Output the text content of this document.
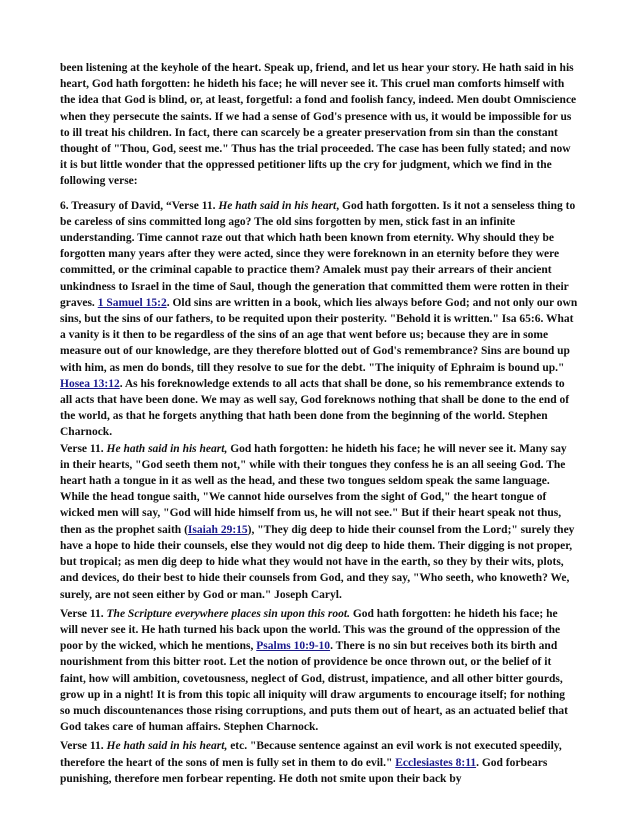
been listening at the keyhole of the heart. Speak up, friend, and let us hear your story. He hath said in his heart, God hath forgotten: he hideth his face; he will never see it. This cruel man comforts himself with the idea that God is blind, or, at least, forgetful: a fond and foolish fancy, indeed. Men doubt Omniscience when they persecute the saints. If we had a sense of God's presence with us, it would be impossible for us to ill treat his children. In fact, there can scarcely be a greater preservation from sin than the constant thought of "Thou, God, seest me." Thus has the trial proceeded. The case has been fully stated; and now it is but little wonder that the oppressed petitioner lifts up the cry for judgment, which we find in the following verse:

6. Treasury of David, “Verse 11. He hath said in his heart, God hath forgotten. Is it not a senseless thing to be careless of sins committed long ago? The old sins forgotten by men, stick fast in an infinite understanding. Time cannot raze out that which hath been known from eternity. Why should they be forgotten many years after they were acted, since they were foreknown in an eternity before they were committed, or the criminal capable to practice them? Amalek must pay their arrears of their ancient unkindness to Israel in the time of Saul, though the generation that committed them were rotten in their graves. 1 Samuel 15:2. Old sins are written in a book, which lies always before God; and not only our own sins, but the sins of our fathers, to be requited upon their posterity. "Behold it is written." Isa 65:6. What a vanity is it then to be regardless of the sins of an age that went before us; because they are in some measure out of our knowledge, are they therefore blotted out of God's remembrance? Sins are bound up with him, as men do bonds, till they resolve to sue for the debt. "The iniquity of Ephraim is bound up." Hosea 13:12. As his foreknowledge extends to all acts that shall be done, so his remembrance extends to all acts that have been done. We may as well say, God foreknows nothing that shall be done to the end of the world, as that he forgets anything that hath been done from the beginning of the world. Stephen Charnock.

Verse 11. He hath said in his heart, God hath forgotten: he hideth his face; he will never see it. Many say in their hearts, "God seeth them not," while with their tongues they confess he is an all seeing God. The heart hath a tongue in it as well as the head, and these two tongues seldom speak the same language. While the head tongue saith, "We cannot hide ourselves from the sight of God," the heart tongue of wicked men will say, "God will hide himself from us, he will not see." But if their heart speak not thus, then as the prophet saith (Isaiah 29:15), "They dig deep to hide their counsel from the Lord;" surely they have a hope to hide their counsels, else they would not dig deep to hide them. Their digging is not proper, but tropical; as men dig deep to hide what they would not have in the earth, so they by their wits, plots, and devices, do their best to hide their counsels from God, and they say, "Who seeth, who knoweth? We, surely, are not seen either by God or man." Joseph Caryl.

Verse 11. The Scripture everywhere places sin upon this root. God hath forgotten: he hideth his face; he will never see it. He hath turned his back upon the world. This was the ground of the oppression of the poor by the wicked, which he mentions, Psalms 10:9-10. There is no sin but receives both its birth and nourishment from this bitter root. Let the notion of providence be once thrown out, or the belief of it faint, how will ambition, covetousness, neglect of God, distrust, impatience, and all other bitter gourds, grow up in a night! It is from this topic all iniquity will draw arguments to encourage itself; for nothing so much discountenances those rising corruptions, and puts them out of heart, as an actuated belief that God takes care of human affairs. Stephen Charnock.

Verse 11. He hath said in his heart, etc. "Because sentence against an evil work is not executed speedily, therefore the heart of the sons of men is fully set in them to do evil." Ecclesiastes 8:11. God forbears punishing, therefore men forbear repenting. He doth not smite upon their back by
